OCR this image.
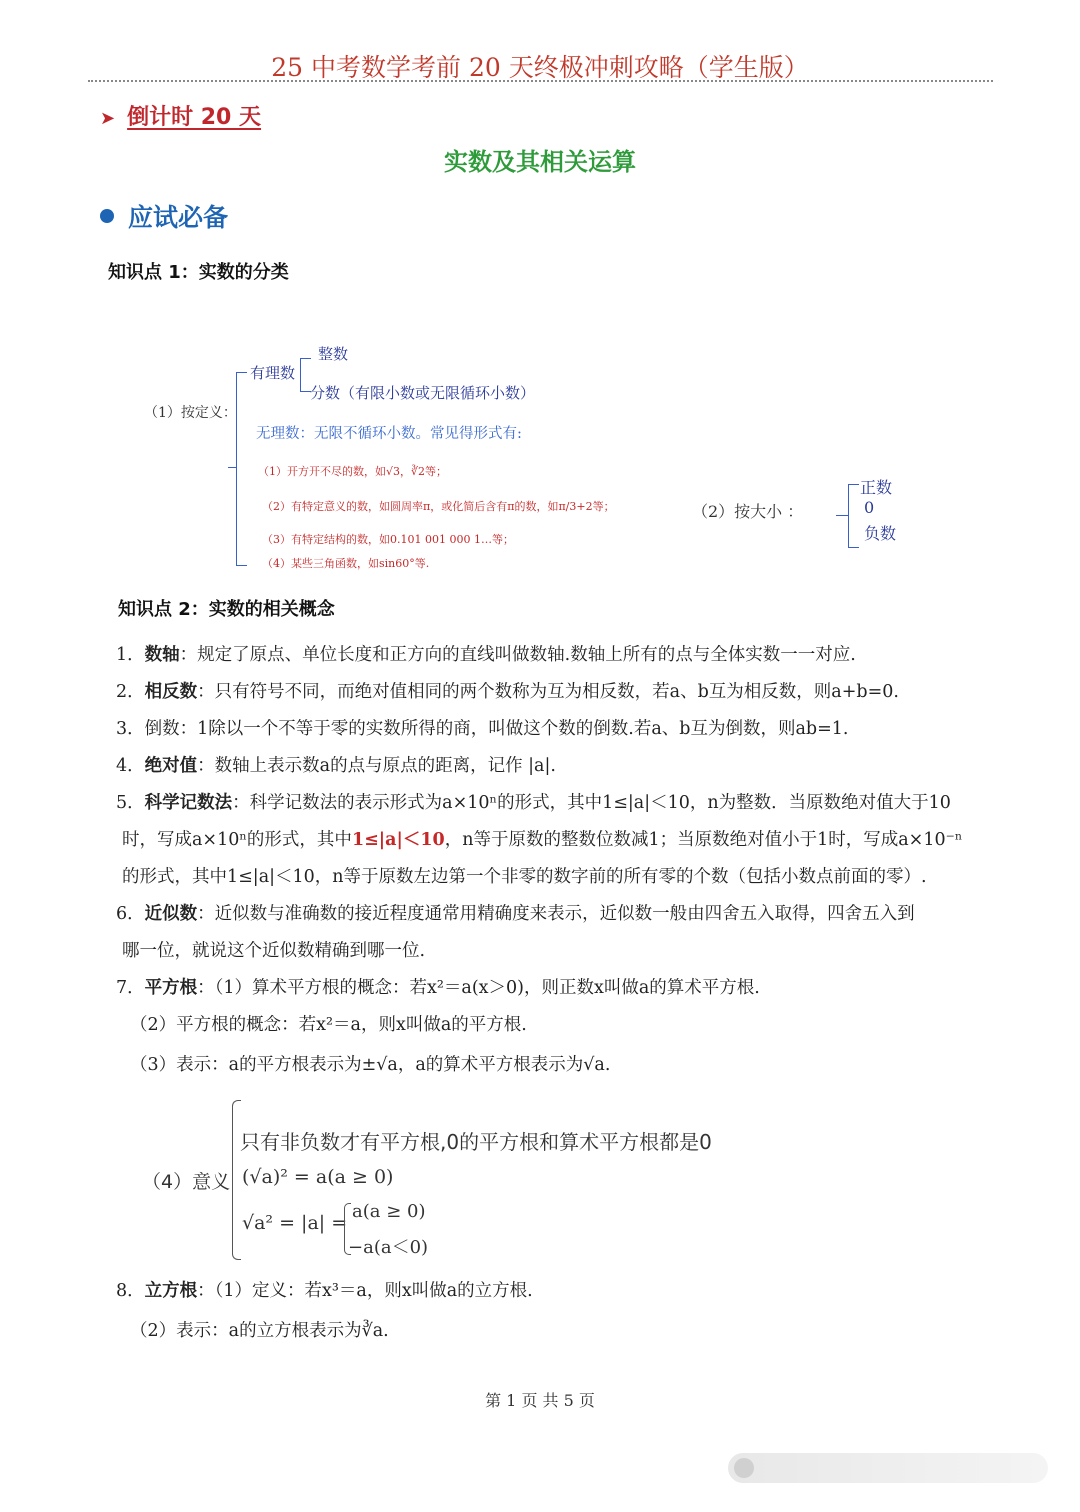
25 中考数学考前 20 天终极冲刺攻略（学生版）
➤ 倒计时 20 天
实数及其相关运算
应试必备
知识点 1：实数的分类
（1）按定义：
有理数
整数
分数（有限小数或无限循环小数）
无理数：无限不循环小数。常见得形式有:
（1）开方开不尽的数，如√3，∛2等；
（2）有特定意义的数，如圆周率π，或化简后含有π的数，如π/3+2等；
（3）有特定结构的数，如0.101 001 000 1…等；
（4）某些三角函数，如sin60°等.
（2）按大小 ：
正数
0
负数
知识点 2：实数的相关概念
1．数轴：规定了原点、单位长度和正方向的直线叫做数轴.数轴上所有的点与全体实数一一对应.
2．相反数：只有符号不同，而绝对值相同的两个数称为互为相反数，若a、b互为相反数，则a+b=0.
3．倒数：1除以一个不等于零的实数所得的商，叫做这个数的倒数.若a、b互为倒数，则ab=1.
4．绝对值：数轴上表示数a的点与原点的距离，记作 |a|.
5．科学记数法：科学记数法的表示形式为a×10ⁿ的形式，其中1≤|a|＜10，n为整数．当原数绝对值大于10
时，写成a×10ⁿ的形式，其中1≤|a|＜10，n等于原数的整数位数减1；当原数绝对值小于1时，写成a×10⁻ⁿ
的形式，其中1≤|a|＜10，n等于原数左边第一个非零的数字前的所有零的个数（包括小数点前面的零）.
6．近似数：近似数与准确数的接近程度通常用精确度来表示，近似数一般由四舍五入取得，四舍五入到
哪一位，就说这个近似数精确到哪一位.
7．平方根：（1）算术平方根的概念：若x²＝a(x＞0)，则正数x叫做a的算术平方根.
（2）平方根的概念：若x²＝a，则x叫做a的平方根.
（3）表示：a的平方根表示为±√a，a的算术平方根表示为√a.
（4）意义
只有非负数才有平方根,0的平方根和算术平方根都是0
(√a)² = a(a ≥ 0)
√a² = |a| =
a(a ≥ 0)
−a(a＜0)
8．立方根：（1）定义：若x³＝a，则x叫做a的立方根.
（2）表示：a的立方根表示为∛a.
第 1 页 共 5 页
